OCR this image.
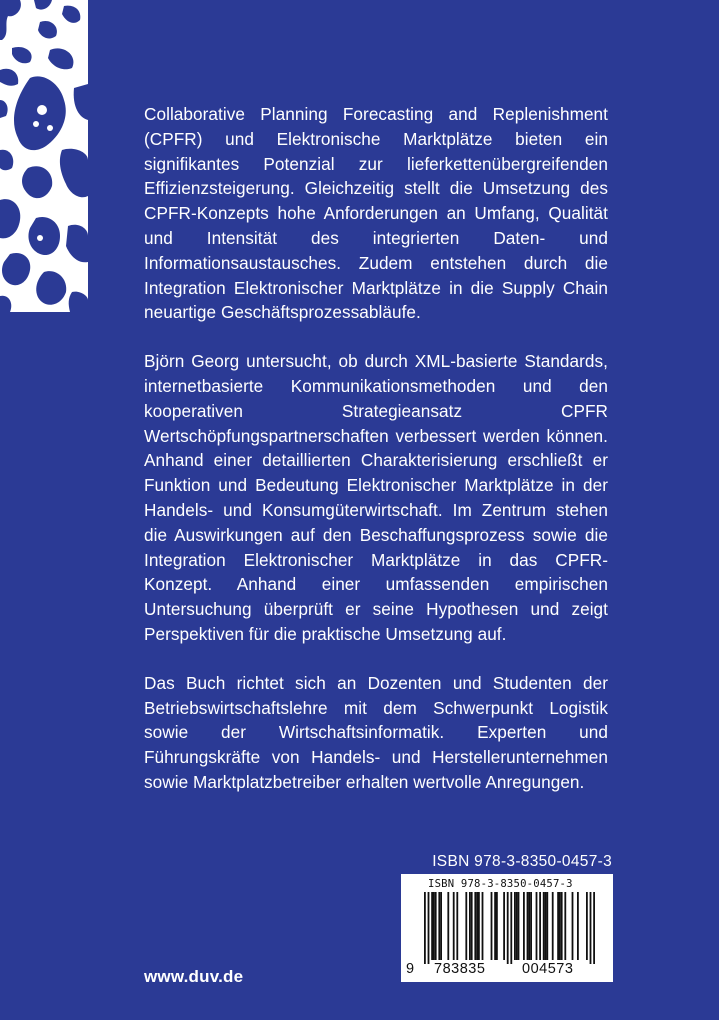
Collaborative Planning Forecasting and Replenishment (CPFR) und Elektronische Marktplätze bieten ein signifikantes Potenzial zur lieferkettenübergreifenden Effizienzsteigerung. Gleichzeitig stellt die Umsetzung des CPFR-Konzepts hohe Anforderungen an Umfang, Qualität und Intensität des integrierten Daten- und Informationsaustausches. Zudem entstehen durch die Integration Elektronischer Marktplätze in die Supply Chain neuartige Geschäftsprozessabläufe.

Björn Georg untersucht, ob durch XML-basierte Standards, internetbasierte Kommunikationsmethoden und den kooperativen Strategieansatz CPFR Wertschöpfungspartnerschaften verbessert werden können. Anhand einer detaillierten Charakterisierung erschließt er Funktion und Bedeutung Elektronischer Marktplätze in der Handels- und Konsumgüterwirtschaft. Im Zentrum stehen die Auswirkungen auf den Beschaffungsprozess sowie die Integration Elektronischer Marktplätze in das CPFR-Konzept. Anhand einer umfassenden empirischen Untersuchung überprüft er seine Hypothesen und zeigt Perspektiven für die praktische Umsetzung auf.

Das Buch richtet sich an Dozenten und Studenten der Betriebswirtschaftslehre mit dem Schwerpunkt Logistik sowie der Wirtschaftsinformatik. Experten und Führungskräfte von Handels- und Herstellerunternehmen sowie Marktplatzbetreiber erhalten wertvolle Anregungen.

ISBN 978-3-8350-0457-3
ISBN 978-3-8350-0457-3
9 783835	004573
www.duv.de
